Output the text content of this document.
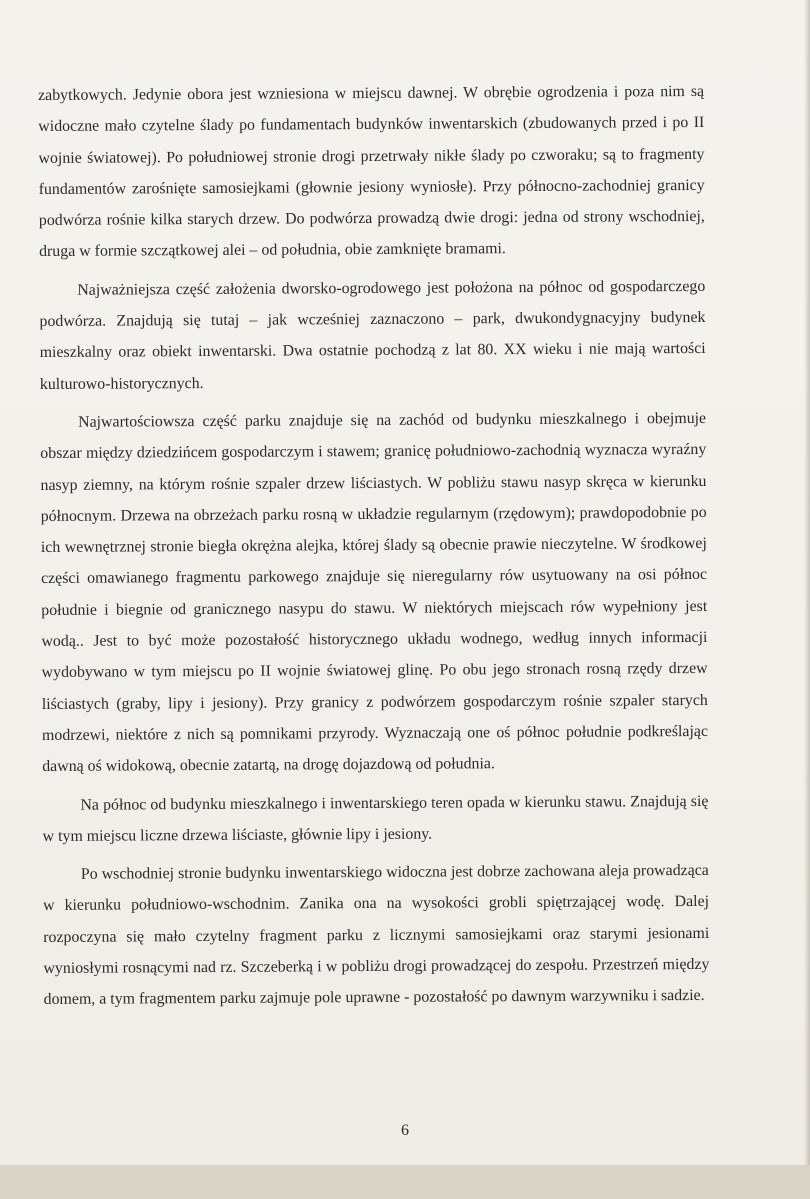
zabytkowych. Jedynie obora jest wzniesiona w miejscu dawnej. W obrębie ogrodzenia i poza nim są widoczne mało czytelne ślady po fundamentach budynków inwentarskich (zbudowanych przed i po II wojnie światowej). Po południowej stronie drogi przetrwały nikłe ślady po czworaku; są to fragmenty fundamentów zarośnięte samosiejkami (głownie jesiony wyniosłe). Przy północno-zachodniej granicy podwórza rośnie kilka starych drzew. Do podwórza prowadzą dwie drogi: jedna od strony wschodniej, druga w formie szczątkowej alei – od południa, obie zamknięte bramami.

Najważniejsza część założenia dworsko-ogrodowego jest położona na północ od gospodarczego podwórza. Znajdują się tutaj – jak wcześniej zaznaczono – park, dwukondygnacyjny budynek mieszkalny oraz obiekt inwentarski. Dwa ostatnie pochodzą z lat 80. XX wieku i nie mają wartości kulturowo-historycznych.

Najwartościowsza część parku znajduje się na zachód od budynku mieszkalnego i obejmuje obszar między dziedzińcem gospodarczym i stawem; granicę południowo-zachodnią wyznacza wyraźny nasyp ziemny, na którym rośnie szpaler drzew liściastych. W pobliżu stawu nasyp skręca w kierunku północnym. Drzewa na obrzeżach parku rosną w układzie regularnym (rzędowym); prawdopodobnie po ich wewnętrznej stronie biegła okrężna alejka, której ślady są obecnie prawie nieczytelne. W środkowej części omawianego fragmentu parkowego znajduje się nieregularny rów usytuowany na osi północ południe i biegnie od granicznego nasypu do stawu. W niektórych miejscach rów wypełniony jest wodą.. Jest to być może pozostałość historycznego układu wodnego, według innych informacji wydobywano w tym miejscu po II wojnie światowej glinę. Po obu jego stronach rosną rzędy drzew liściastych (graby, lipy i jesiony). Przy granicy z podwórzem gospodarczym rośnie szpaler starych modrzewi, niektóre z nich są pomnikami przyrody. Wyznaczają one oś północ południe podkreślając dawną oś widokową, obecnie zatartą, na drogę dojazdową od południa.

Na północ od budynku mieszkalnego i inwentarskiego teren opada w kierunku stawu. Znajdują się w tym miejscu liczne drzewa liściaste, głównie lipy i jesiony.

Po wschodniej stronie budynku inwentarskiego widoczna jest dobrze zachowana aleja prowadząca w kierunku południowo-wschodnim. Zanika ona na wysokości grobli spiętrzającej wodę. Dalej rozpoczyna się mało czytelny fragment parku z licznymi samosiejkami oraz starymi jesionami wyniosłymi rosnącymi nad rz. Szczeberką i w pobliżu drogi prowadzącej do zespołu. Przestrzeń między domem, a tym fragmentem parku zajmuje pole uprawne - pozostałość po dawnym warzywniku i sadzie.

6
